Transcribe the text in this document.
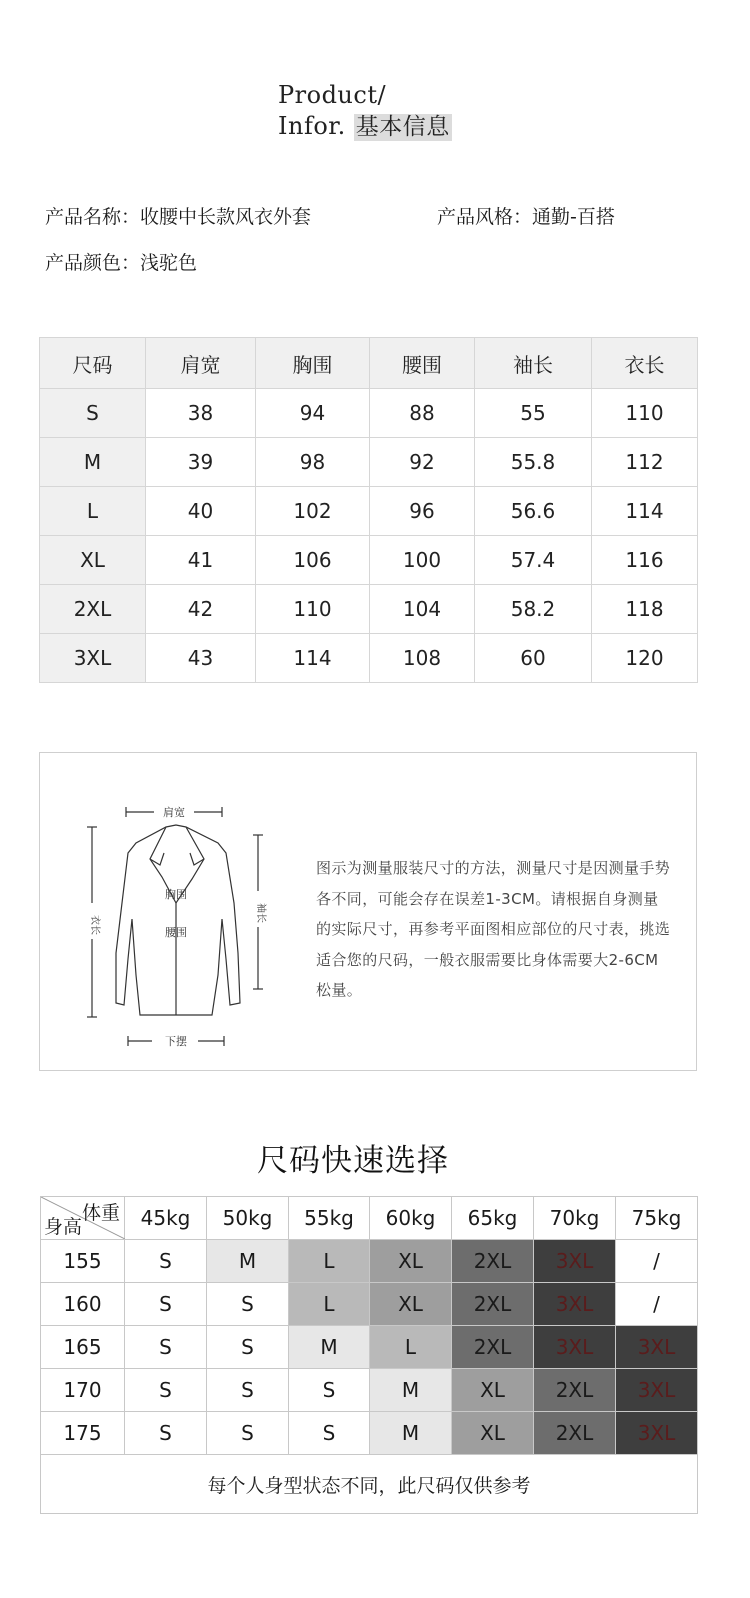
Product/
Infor. 基本信息
产品名称：收腰中长款风衣外套	产品风格：通勤-百搭
产品颜色：浅驼色
尺码	肩宽	胸围	腰围	袖长	衣长
S	38	94	88	55	110
M	39	98	92	55.8	112
L	40	102	96	56.6	114
XL	41	106	100	57.4	116
2XL	42	110	104	58.2	118
3XL	43	114	108	60	120
肩宽
下摆
胸围
腰围
衣长
袖长
图示为测量服装尺寸的方法，测量尺寸是因测量手势各不同，可能会存在误差1-3CM。请根据自身测量的实际尺寸，再参考平面图相应部位的尺寸表，挑选适合您的尺码，一般衣服需要比身体需要大2-6CM松量。
尺码快速选择
体重
身高	45kg	50kg	55kg	60kg	65kg	70kg	75kg
155	S	M	L	XL	2XL	3XL	/
160	S	S	L	XL	2XL	3XL	/
165	S	S	M	L	2XL	3XL	3XL
170	S	S	S	M	XL	2XL	3XL
175	S	S	S	M	XL	2XL	3XL
每个人身型状态不同，此尺码仅供参考							
